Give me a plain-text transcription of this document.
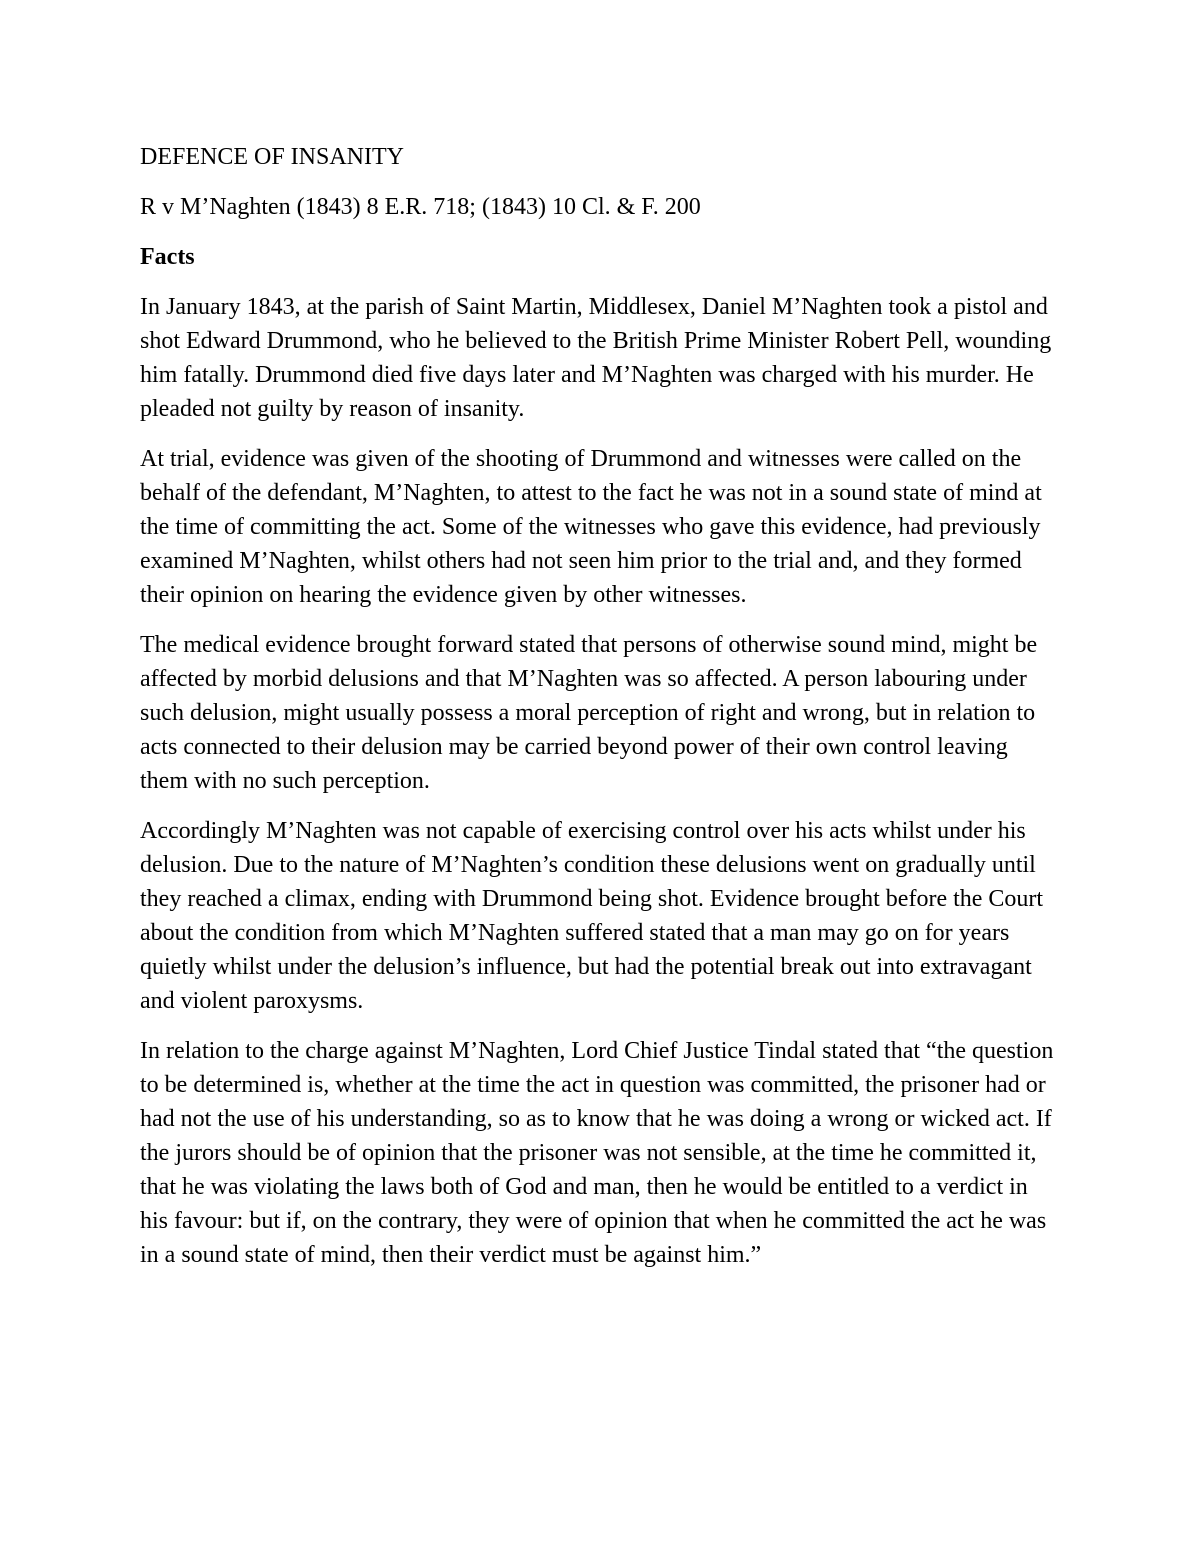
DEFENCE OF INSANITY

R v M’Naghten (1843) 8 E.R. 718; (1843) 10 Cl. & F. 200

Facts

In January 1843, at the parish of Saint Martin, Middlesex, Daniel M’Naghten took a pistol and shot Edward Drummond, who he believed to the British Prime Minister Robert Pell, wounding him fatally. Drummond died five days later and M’Naghten was charged with his murder. He pleaded not guilty by reason of insanity.

At trial, evidence was given of the shooting of Drummond and witnesses were called on the behalf of the defendant, M’Naghten, to attest to the fact he was not in a sound state of mind at the time of committing the act. Some of the witnesses who gave this evidence, had previously examined M’Naghten, whilst others had not seen him prior to the trial and, and they formed their opinion on hearing the evidence given by other witnesses.

The medical evidence brought forward stated that persons of otherwise sound mind, might be affected by morbid delusions and that M’Naghten was so affected. A person labouring under such delusion, might usually possess a moral perception of right and wrong, but in relation to acts connected to their delusion may be carried beyond power of their own control leaving them with no such perception.

Accordingly M’Naghten was not capable of exercising control over his acts whilst under his delusion. Due to the nature of M’Naghten’s condition these delusions went on gradually until they reached a climax, ending with Drummond being shot. Evidence brought before the Court about the condition from which M’Naghten suffered stated that a man may go on for years quietly whilst under the delusion’s influence, but had the potential break out into extravagant and violent paroxysms.

In relation to the charge against M’Naghten, Lord Chief Justice Tindal stated that “the question to be determined is, whether at the time the act in question was committed, the prisoner had or had not the use of his understanding, so as to know that he was doing a wrong or wicked act. If the jurors should be of opinion that the prisoner was not sensible, at the time he committed it, that he was violating the laws both of God and man, then he would be entitled to a verdict in his favour: but if, on the contrary, they were of opinion that when he committed the act he was in a sound state of mind, then their verdict must be against him.”
